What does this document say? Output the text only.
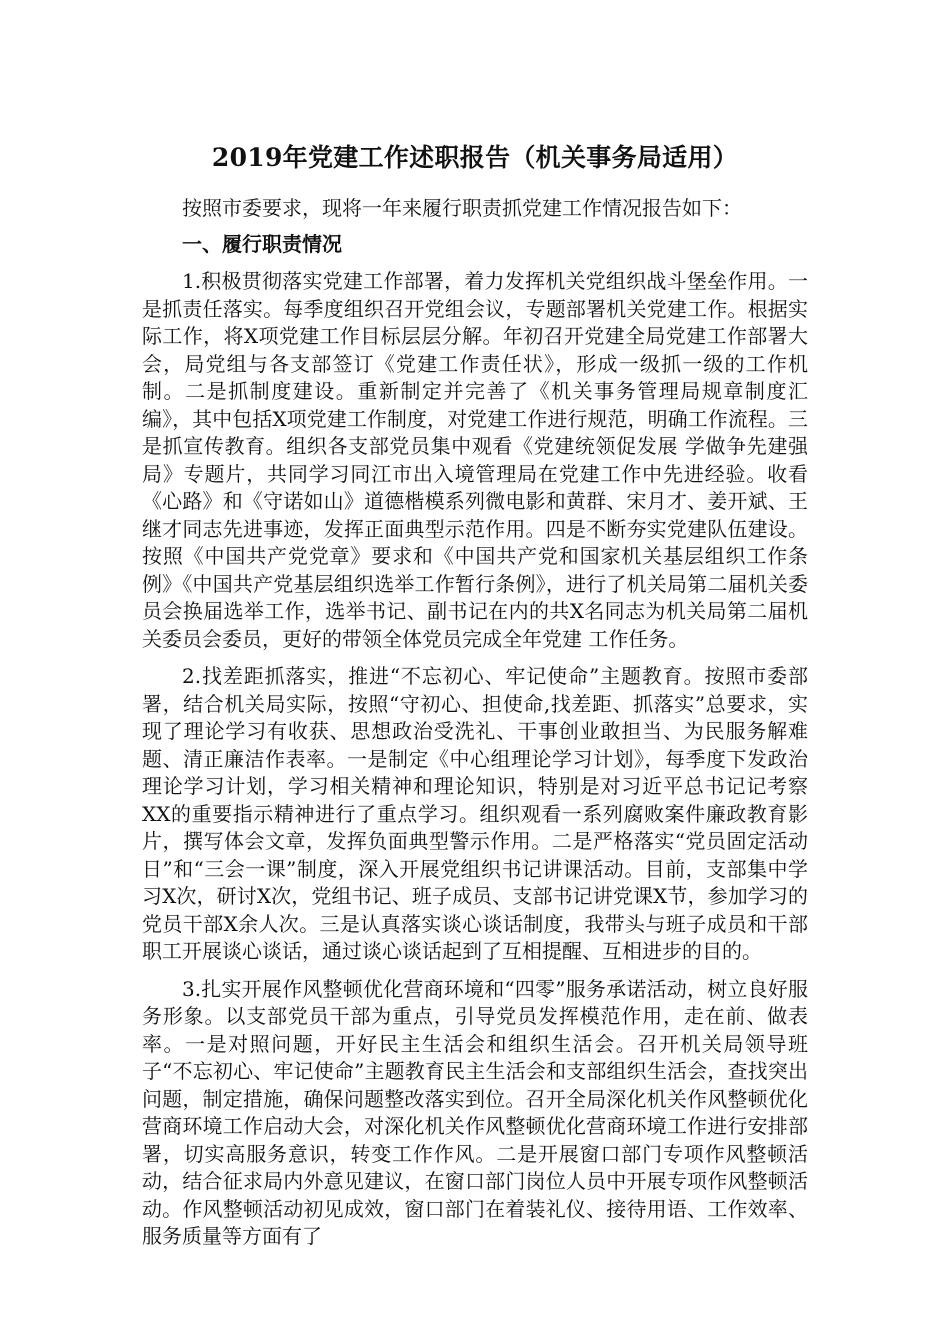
2019年党建工作述职报告（机关事务局适用）

按照市委要求，现将一年来履行职责抓党建工作情况报告如下：

一、履行职责情况

1.积极贯彻落实党建工作部署，着力发挥机关党组织战斗堡垒作用。一是抓责任落实。每季度组织召开党组会议，专题部署机关党建工作。根据实际工作，将X项党建工作目标层层分解。年初召开党建全局党建工作部署大会，局党组与各支部签订《党建工作责任状》，形成一级抓一级的工作机制。二是抓制度建设。重新制定并完善了《机关事务管理局规章制度汇编》，其中包括X项党建工作制度，对党建工作进行规范，明确工作流程。三是抓宣传教育。组织各支部党员集中观看《党建统领促发展 学做争先建强局》专题片，共同学习同江市出入境管理局在党建工作中先进经验。收看《心路》和《守诺如山》道德楷模系列微电影和黄群、宋月才、姜开斌、王继才同志先进事迹，发挥正面典型示范作用。四是不断夯实党建队伍建设。按照《中国共产党党章》要求和《中国共产党和国家机关基层组织工作条例》《中国共产党基层组织选举工作暂行条例》，进行了机关局第二届机关委员会换届选举工作，选举书记、副书记在内的共X名同志为机关局第二届机关委员会委员，更好的带领全体党员完成全年党建 工作任务。

2.找差距抓落实，推进“不忘初心、牢记使命”主题教育。按照市委部署，结合机关局实际，按照“守初心、担使命,找差距、抓落实”总要求，实现了理论学习有收获、思想政治受洗礼、干事创业敢担当、为民服务解难题、清正廉洁作表率。一是制定《中心组理论学习计划》，每季度下发政治理论学习计划，学习相关精神和理论知识，特别是对习近平总书记记考察XX的重要指示精神进行了重点学习。组织观看一系列腐败案件廉政教育影片，撰写体会文章，发挥负面典型警示作用。二是严格落实“党员固定活动日”和“三会一课”制度，深入开展党组织书记讲课活动。目前，支部集中学习X次，研讨X次，党组书记、班子成员、支部书记讲党课X节，参加学习的党员干部X余人次。三是认真落实谈心谈话制度，我带头与班子成员和干部职工开展谈心谈话，通过谈心谈话起到了互相提醒、互相进步的目的。

3.扎实开展作风整顿优化营商环境和“四零”服务承诺活动，树立良好服务形象。以支部党员干部为重点，引导党员发挥模范作用，走在前、做表率。一是对照问题，开好民主生活会和组织生活会。召开机关局领导班子“不忘初心、牢记使命”主题教育民主生活会和支部组织生活会，查找突出问题，制定措施，确保问题整改落实到位。召开全局深化机关作风整顿优化营商环境工作启动大会，对深化机关作风整顿优化营商环境工作进行安排部署，切实高服务意识，转变工作作风。二是开展窗口部门专项作风整顿活动，结合征求局内外意见建议，在窗口部门岗位人员中开展专项作风整顿活动。作风整顿活动初见成效，窗口部门在着装礼仪、接待用语、工作效率、服务质量等方面有了
